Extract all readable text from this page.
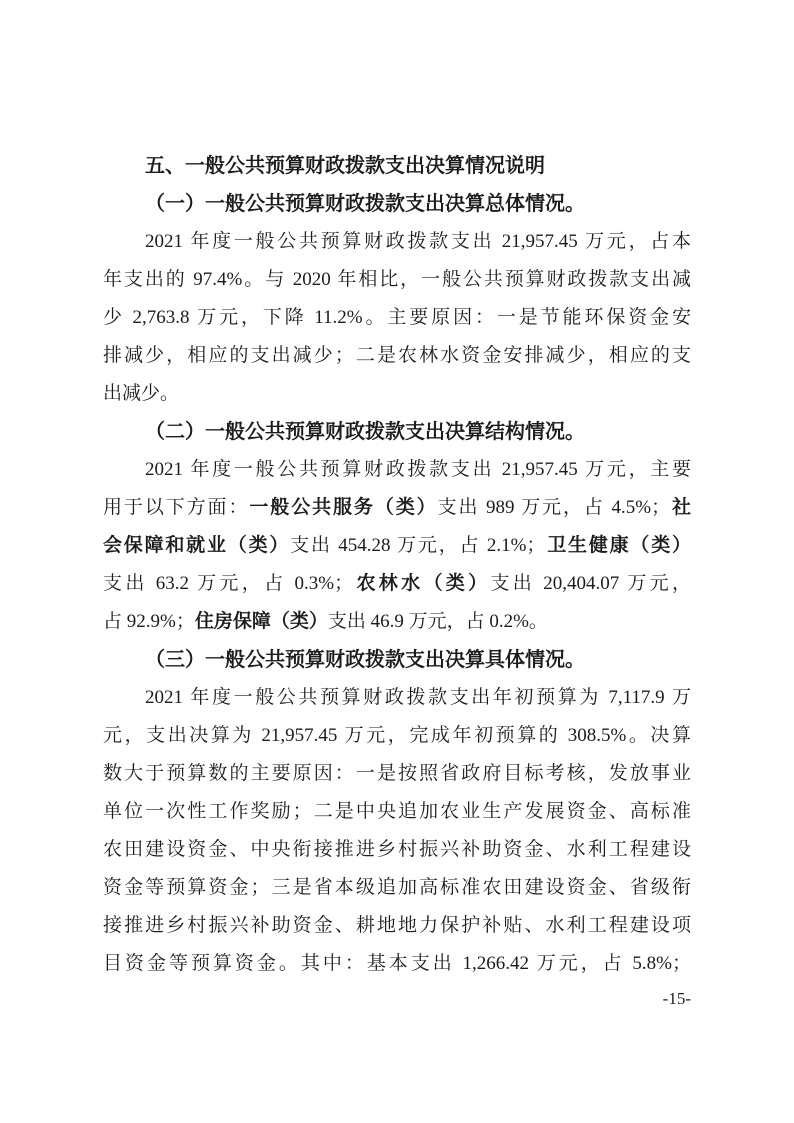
五、一般公共预算财政拨款支出决算情况说明
（一）一般公共预算财政拨款支出决算总体情况。
2021 年度一般公共预算财政拨款支出 21,957.45 万元，占本
年支出的 97.4%。与 2020 年相比，一般公共预算财政拨款支出减
少 2,763.8 万元，下降 11.2%。主要原因：一是节能环保资金安
排减少，相应的支出减少；二是农林水资金安排减少，相应的支
出减少。
（二）一般公共预算财政拨款支出决算结构情况。
2021 年度一般公共预算财政拨款支出 21,957.45 万元，主要
用于以下方面：一般公共服务（类）支出 989 万元，占 4.5%；社
会保障和就业（类）支出 454.28 万元，占 2.1%；卫生健康（类）
支出 63.2 万元，占 0.3%；农林水（类）支出 20,404.07 万元，
占 92.9%；住房保障（类）支出 46.9 万元，占 0.2%。
（三）一般公共预算财政拨款支出决算具体情况。
2021 年度一般公共预算财政拨款支出年初预算为 7,117.9 万
元，支出决算为 21,957.45 万元，完成年初预算的 308.5%。决算
数大于预算数的主要原因：一是按照省政府目标考核，发放事业
单位一次性工作奖励；二是中央追加农业生产发展资金、高标准
农田建设资金、中央衔接推进乡村振兴补助资金、水利工程建设
资金等预算资金；三是省本级追加高标准农田建设资金、省级衔
接推进乡村振兴补助资金、耕地地力保护补贴、水利工程建设项
目资金等预算资金。其中：基本支出 1,266.42 万元，占 5.8%；
-15-
